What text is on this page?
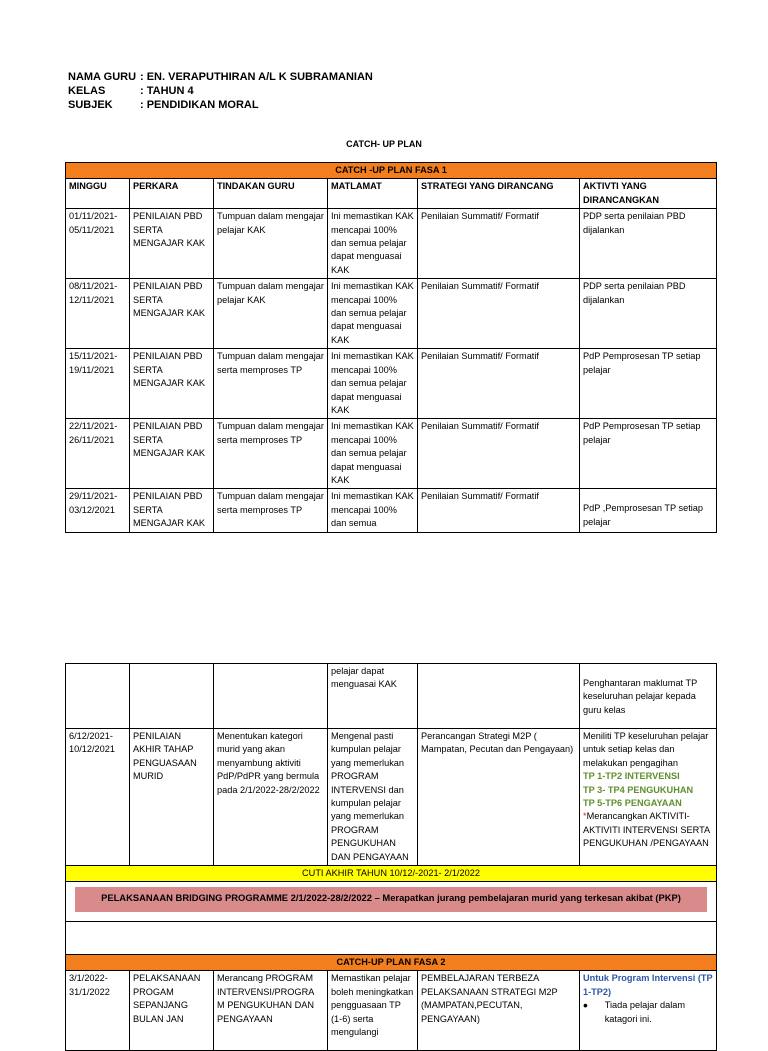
NAMA GURU : EN. VERAPUTHIRAN A/L K SUBRAMANIAN
KELAS	: TAHUN 4
SUBJEK	: PENDIDIKAN MORAL
CATCH- UP PLAN
CATCH -UP PLAN FASA 1					
MINGGU	PERKARA	TINDAKAN GURU	MATLAMAT	STRATEGI YANG DIRANCANG	AKTIVTI YANG DIRANCANGKAN
01/11/2021- 05/11/2021	PENILAIAN PBD SERTA MENGAJAR KAK	Tumpuan dalam mengajar pelajar KAK	Ini memastikan KAK mencapai 100% dan semua pelajar dapat menguasai KAK	Penilaian Summatif/ Formatif	PDP serta penilaian PBD dijalankan
08/11/2021- 12/11/2021	PENILAIAN PBD SERTA MENGAJAR KAK	Tumpuan dalam mengajar pelajar KAK	Ini memastikan KAK mencapai 100% dan semua pelajar dapat menguasai KAK	Penilaian Summatif/ Formatif	PDP serta penilaian PBD dijalankan
15/11/2021- 19/11/2021	PENILAIAN PBD SERTA MENGAJAR KAK	Tumpuan dalam mengajar serta memproses TP	Ini memastikan KAK mencapai 100% dan semua pelajar dapat menguasai KAK	Penilaian Summatif/ Formatif	PdP Pemprosesan TP setiap pelajar
22/11/2021- 26/11/2021	PENILAIAN PBD SERTA MENGAJAR KAK	Tumpuan dalam mengajar serta memproses TP	Ini memastikan KAK mencapai 100% dan semua pelajar dapat menguasai KAK	Penilaian Summatif/ Formatif	PdP Pemprosesan TP setiap pelajar
29/11/2021- 03/12/2021	PENILAIAN PBD SERTA MENGAJAR KAK	Tumpuan dalam mengajar serta memproses TP	Ini memastikan KAK mencapai 100% dan semua	Penilaian Summatif/ Formatif	PdP ,Pemprosesan TP setiap pelajar
			pelajar dapat menguasai KAK		Penghantaran maklumat TP keseluruhan pelajar kepada guru kelas
6/12/2021- 10/12/2021	PENILAIAN AKHIR TAHAP PENGUASAAN MURID	Menentukan kategori murid yang akan menyambung aktiviti PdP/PdPR yang bermula pada 2/1/2022-28/2/2022	Mengenal pasti kumpulan pelajar yang memerlukan PROGRAM INTERVENSI dan kumpulan pelajar yang memerlukan PROGRAM PENGUKUHAN DAN PENGAYAAN	Perancangan Strategi M2P ( Mampatan, Pecutan dan Pengayaan)	Meniliti TP keseluruhan pelajar untuk setiap kelas dan melakukan pengagihan
TP 1-TP2 INTERVENSI
TP 3- TP4 PENGUKUHAN
TP 5-TP6 PENGAYAAN
*Merancangkan AKTIVITI-AKTIVITI INTERVENSI SERTA PENGUKUHAN /PENGAYAAN

CUTI AKHIR TAHUN 10/12/-2021- 2/1/2022					

PELAKSANAAN BRIDGING PROGRAMME 2/1/2022-28/2/2022 – Merapatkan jurang pembelajaran murid yang terkesan akibat (PKP)					

CATCH-UP PLAN FASA 2					
3/1/2022- 31/1/2022	PELAKSANAAN PROGAM SEPANJANG BULAN JAN	Merancang PROGRAM INTERVENSI/PROGRA M PENGUKUHAN DAN PENGAYAAN	Memastikan pelajar boleh meningkatkan pengguasaan TP (1-6) serta mengulangi	PEMBELAJARAN TERBEZA PELAKSANAAN STRATEGI M2P (MAMPATAN,PECUTAN, PENGAYAAN)	Untuk Program Intervensi (TP 1-TP2)
• Tiada pelajar dalam katagori ini.
